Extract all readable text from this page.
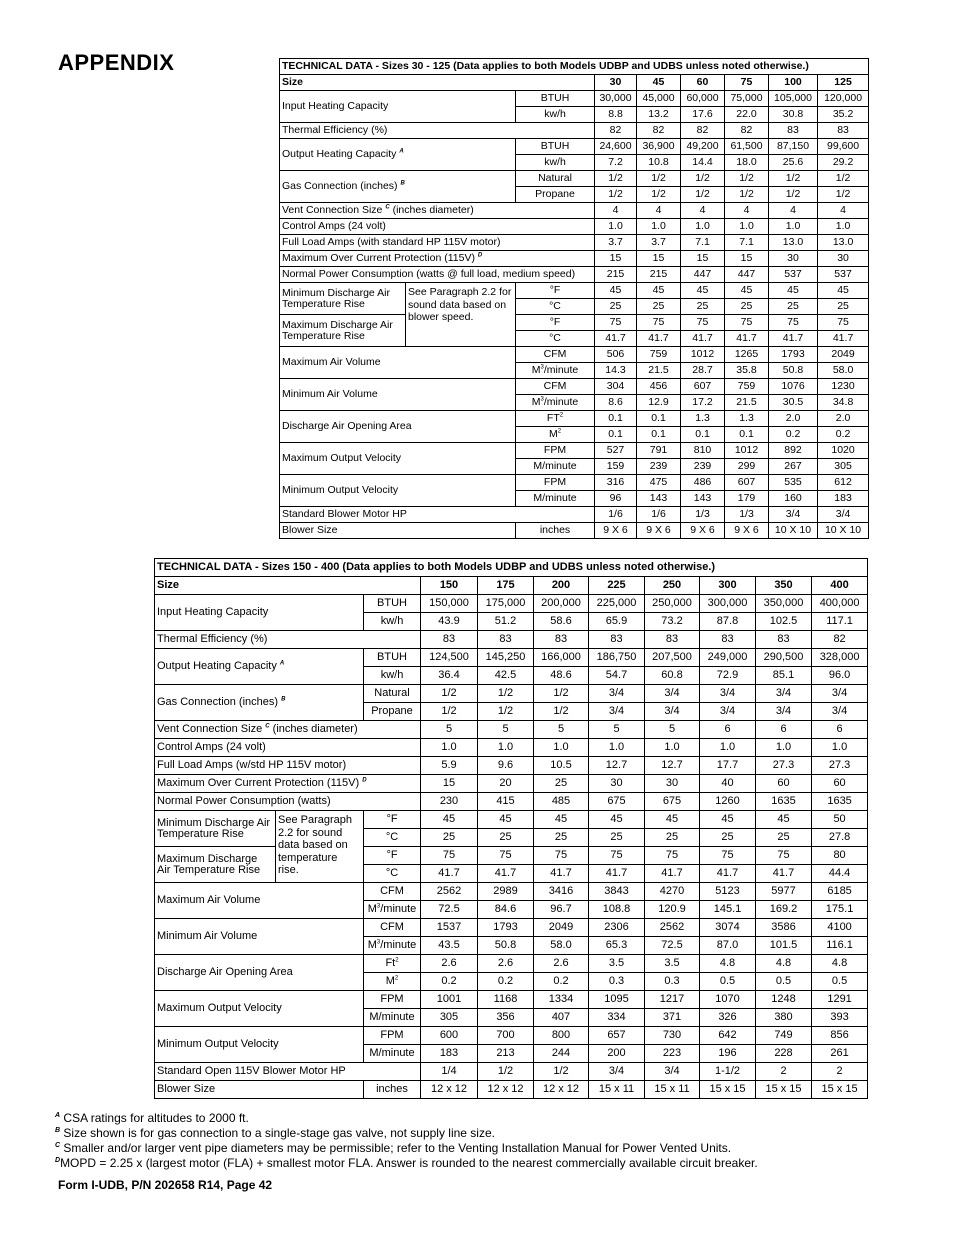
APPENDIX	TECHNICAL DATA - Sizes 30 - 125 (Data applies to both Models UDBP and UDBS unless noted otherwise.)								
Size			30	45	60	75	100	125
Input Heating Capacity		BTUH	30,000	45,000	60,000	75,000	105,000	120,000
		kw/h	8.8	13.2	17.6	22.0	30.8	35.2
Thermal Efficiency (%)			82	82	82	82	83	83
Output Heating Capacity $^A$		BTUH	24,600	36,900	49,200	61,500	87,150	99,600
		kw/h	7.2	10.8	14.4	18.0	25.6	29.2
Gas Connection (inches) $^B$		Natural	1/2	1/2	1/2	1/2	1/2	1/2
		Propane	1/2	1/2	1/2	1/2	1/2	1/2
Vent Connection Size $^C$ (inches diameter)			4	4	4	4	4	4
Control Amps (24 volt)			1.0	1.0	1.0	1.0	1.0	1.0
Full Load Amps (with standard HP 115V motor)			3.7	3.7	7.1	7.1	13.0	13.0
Maximum Over Current Protection (115V) $^D$			15	15	15	15	30	30
Normal Power Consumption (watts @ full load, medium speed)			215	215	447	447	537	537
Minimum Discharge Air Temperature Rise	See Paragraph 2.2 for sound data based on blower speed.	°F	45	45	45	45	45	45
		°C	25	25	25	25	25	25
Maximum Discharge Air Temperature Rise		°F	75	75	75	75	75	75
		°C	41.7	41.7	41.7	41.7	41.7	41.7
Maximum Air Volume		CFM	506	759	1012	1265	1793	2049
		$M^3$/minute	14.3	21.5	28.7	35.8	50.8	58.0
Minimum Air Volume		CFM	304	456	607	759	1076	1230
		$M^3$/minute	8.6	12.9	17.2	21.5	30.5	34.8
Discharge Air Opening Area		$FT^2$	0.1	0.1	1.3	1.3	2.0	2.0
		$M^2$	0.1	0.1	0.1	0.1	0.2	0.2
Maximum Output Velocity		FPM	527	791	810	1012	892	1020
		M/minute	159	239	239	299	267	305
Minimum Output Velocity		FPM	316	475	486	607	535	612
		M/minute	96	143	143	179	160	183
Standard Blower Motor HP			1/6	1/6	1/3	1/3	3/4	3/4
Blower Size		inches	9 X 6	9 X 6	9 X 6	9 X 6	10 X 10	10 X 10
TECHNICAL DATA - Sizes 150 - 400 (Data applies to both Models UDBP and UDBS unless noted otherwise.)										
Size			150	175	200	225	250	300	350	400
Input Heating Capacity		BTUH	150,000	175,000	200,000	225,000	250,000	300,000	350,000	400,000
		kw/h	43.9	51.2	58.6	65.9	73.2	87.8	102.5	117.1
Thermal Efficiency (%)			83	83	83	83	83	83	83	82
Output Heating Capacity $^A$		BTUH	124,500	145,250	166,000	186,750	207,500	249,000	290,500	328,000
		kw/h	36.4	42.5	48.6	54.7	60.8	72.9	85.1	96.0
Gas Connection (inches) $^B$		Natural	1/2	1/2	1/2	3/4	3/4	3/4	3/4	3/4
		Propane	1/2	1/2	1/2	3/4	3/4	3/4	3/4	3/4
Vent Connection Size $^C$ (inches diameter)			5	5	5	5	5	6	6	6
Control Amps (24 volt)			1.0	1.0	1.0	1.0	1.0	1.0	1.0	1.0
Full Load Amps (w/std HP 115V motor)			5.9	9.6	10.5	12.7	12.7	17.7	27.3	27.3
Maximum Over Current Protection (115V) $^D$			15	20	25	30	30	40	60	60
Normal Power Consumption (watts)			230	415	485	675	675	1260	1635	1635
Minimum Discharge Air Temperature Rise	See Paragraph 2.2 for sound data based on temperature rise.	°F	45	45	45	45	45	45	45	50
		°C	25	25	25	25	25	25	25	27.8
Maximum Discharge Air Temperature Rise		°F	75	75	75	75	75	75	75	80
		°C	41.7	41.7	41.7	41.7	41.7	41.7	41.7	44.4
Maximum Air Volume		CFM	2562	2989	3416	3843	4270	5123	5977	6185
		$M^3$/minute	72.5	84.6	96.7	108.8	120.9	145.1	169.2	175.1
Minimum Air Volume		CFM	1537	1793	2049	2306	2562	3074	3586	4100
		$M^3$/minute	43.5	50.8	58.0	65.3	72.5	87.0	101.5	116.1
Discharge Air Opening Area		Ft$^2$	2.6	2.6	2.6	3.5	3.5	4.8	4.8	4.8
		$M^2$	0.2	0.2	0.2	0.3	0.3	0.5	0.5	0.5
Maximum Output Velocity		FPM	1001	1168	1334	1095	1217	1070	1248	1291
		M/minute	305	356	407	334	371	326	380	393
Minimum Output Velocity		FPM	600	700	800	657	730	642	749	856
		M/minute	183	213	244	200	223	196	228	261
Standard Open 115V Blower Motor HP			1/4	1/2	1/2	3/4	3/4	1-1/2	2	2
Blower Size		inches	12 x 12	12 x 12	12 x 12	15 x 11	15 x 11	15 x 15	15 x 15	15 x 15
$^A$ CSA ratings for altitudes to 2000 ft.
$^B$ Size shown is for gas connection to a single-stage gas valve, not supply line size.
$^C$ Smaller and/or larger vent pipe diameters may be permissible; refer to the Venting Installation Manual for Power Vented Units.
$^D$MOPD = 2.25 x (largest motor (FLA) + smallest motor FLA. Answer is rounded to the nearest commercially available circuit breaker.
Form I-UDB, P/N 202658 R14, Page 42
